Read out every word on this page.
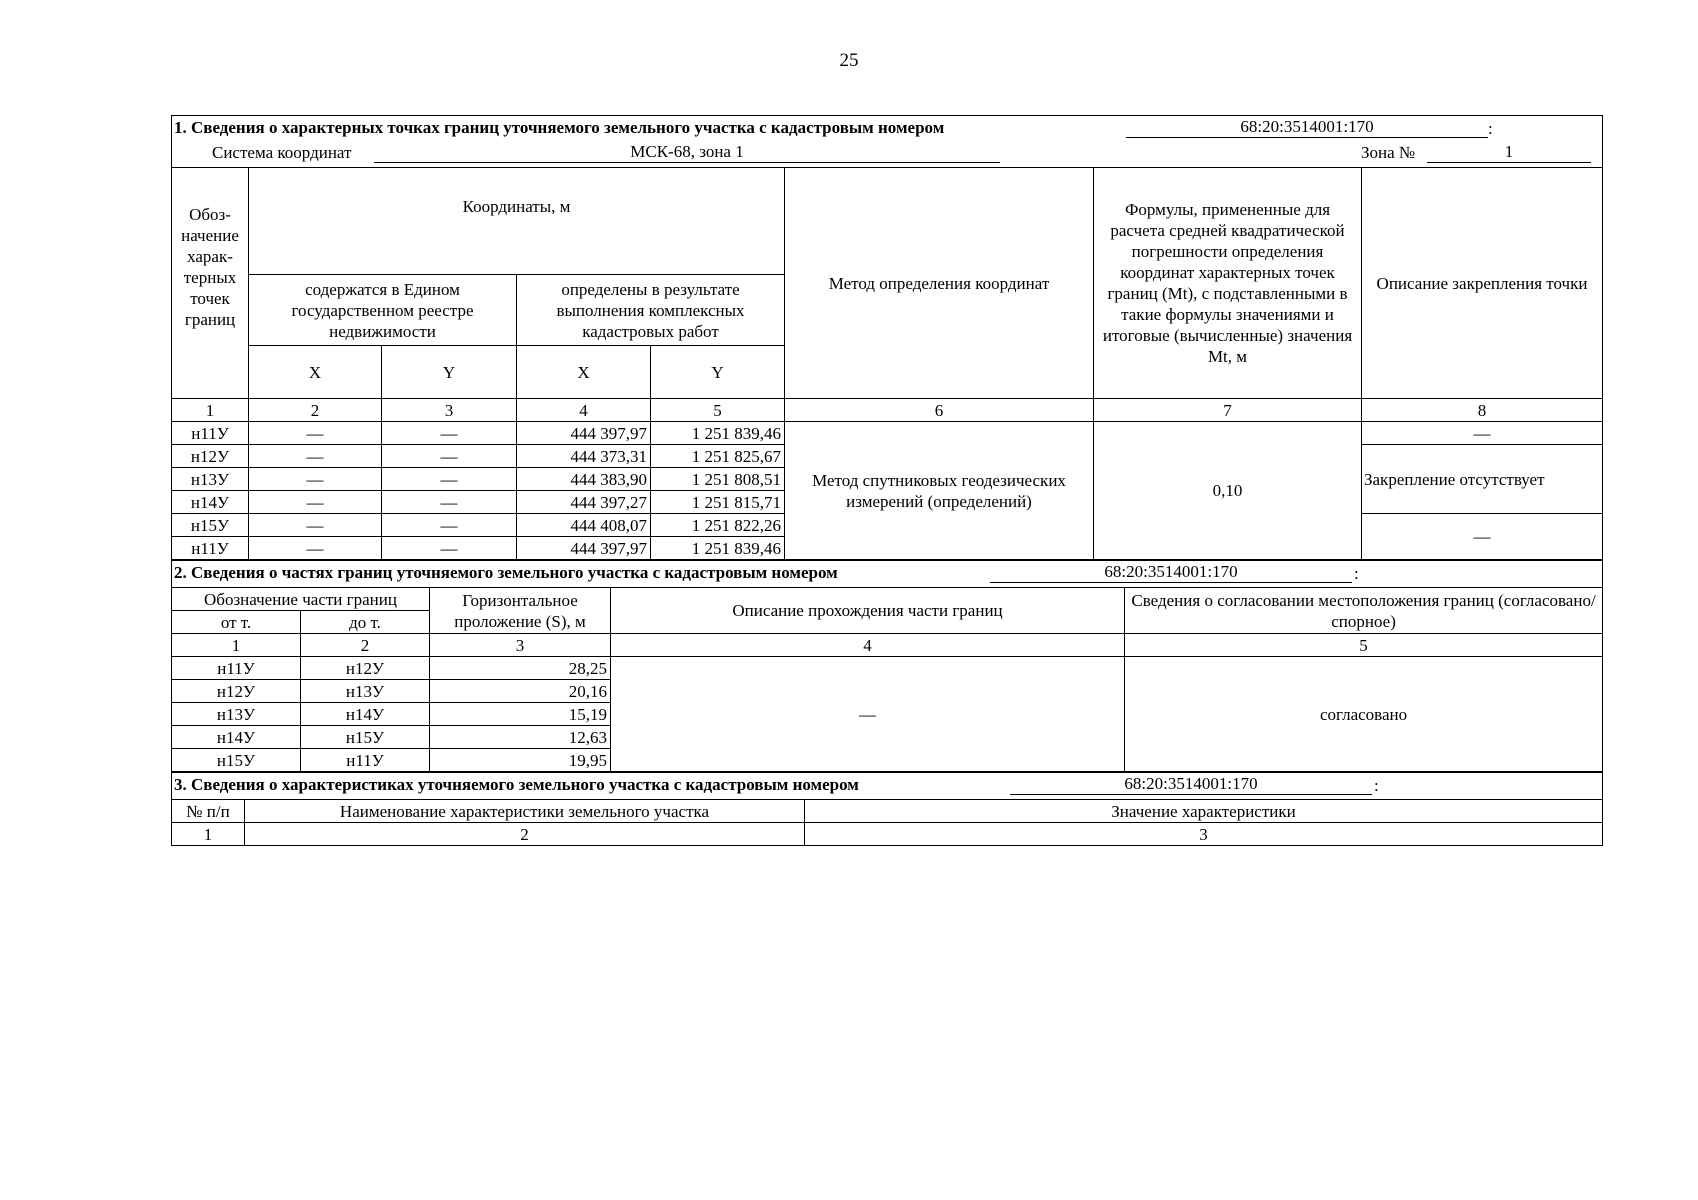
25
1. Сведения о характерных точках границ уточняемого земельного участка с кадастровым номером 68:20:3514001:170 :							

Система координат МСК-68, зона 1 Зона № 1							

Обоз-начение харак-терных точек границ	Координаты, м				Метод определения координат	Формулы, примененные для расчета средней квадратической погрешности определения координат характерных точек границ (Mt), с подставленными в такие формулы значениями и итоговые (вычисленные) значения Mt, м	Описание закрепления точки
	содержатся в Едином государственном реестре недвижимости		определены в результате выполнения комплексных кадастровых работ				
	X	Y	X	Y			
1	2	3	4	5	6	7	8
н11У	—	—	444 397,97	1 251 839,46	Метод спутниковых геодезических измерений (определений)	0,10	—
н12У	—	—	444 373,31	1 251 825,67			Закрепление отсутствует
н13У	—	—	444 383,90	1 251 808,51			
н14У	—	—	444 397,27	1 251 815,71			
н15У	—	—	444 408,07	1 251 822,26			—
н11У	—	—	444 397,97	1 251 839,46			
2. Сведения о частях границ уточняемого земельного участка с кадастровым номером 68:20:3514001:170 :				

Обозначение части границ		Горизонтальное проложение (S), м	Описание прохождения части границ	Сведения о согласовании местоположения границ (согласовано/спорное)
от т.	до т.			
1	2	3	4	5
н11У	н12У	28,25	—	согласовано
н12У	н13У	20,16		
н13У	н14У	15,19		
н14У	н15У	12,63		
н15У	н11У	19,95		
3. Сведения о характеристиках уточняемого земельного участка с кадастровым номером 68:20:3514001:170 :		

№ п/п	Наименование характеристики земельного участка	Значение характеристики
1	2	3
